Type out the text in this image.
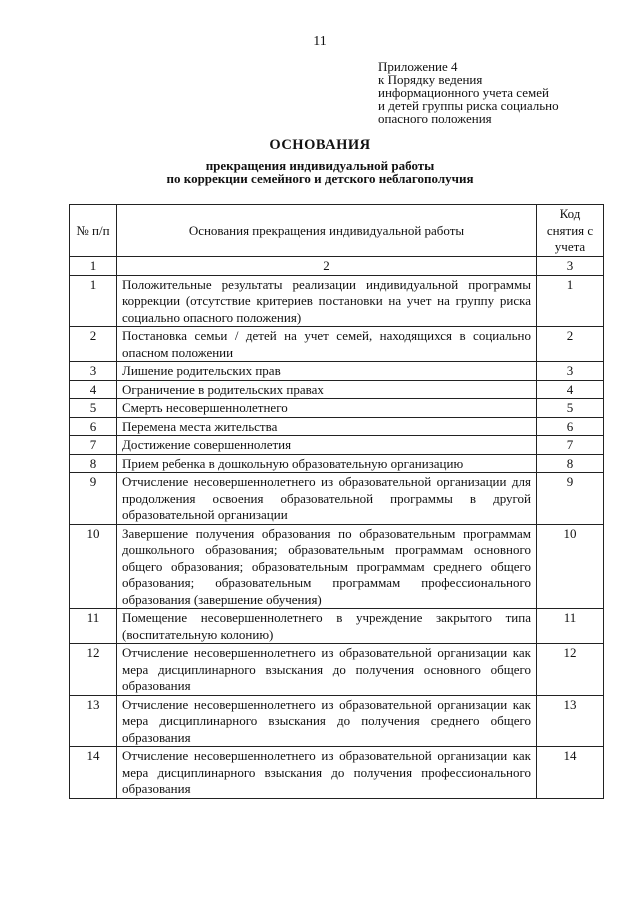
11
Приложение 4
к Порядку ведения
информационного учета семей
и детей группы риска социально
опасного положения
ОСНОВАНИЯ
прекращения индивидуальной работы
по коррекции семейного и детского неблагополучия
№ п/п	Основания прекращения индивидуальной работы	Код снятия с учета
1	2	3
1	Положительные результаты реализации индивидуальной программы коррекции (отсутствие критериев постановки на учет на группу риска социально опасного положения)	1
2	Постановка семьи / детей на учет семей, находящихся в социально опасном положении	2
3	Лишение родительских прав	3
4	Ограничение в родительских правах	4
5	Смерть несовершеннолетнего	5
6	Перемена места жительства	6
7	Достижение совершеннолетия	7
8	Прием ребенка в дошкольную образовательную организацию	8
9	Отчисление несовершеннолетнего из образовательной организации для продолжения освоения образовательной программы в другой образовательной организации	9
10	Завершение получения образования по образовательным программам дошкольного образования; образовательным программам основного общего образования; образовательным программам среднего общего образования; образовательным программам профессионального образования (завершение обучения)	10
11	Помещение несовершеннолетнего в учреждение закрытого типа (воспитательную колонию)	11
12	Отчисление несовершеннолетнего из образовательной организации как мера дисциплинарного взыскания до получения основного общего образования	12
13	Отчисление несовершеннолетнего из образовательной организации как мера дисциплинарного взыскания до получения среднего общего образования	13
14	Отчисление несовершеннолетнего из образовательной организации как мера дисциплинарного взыскания до получения профессионального образования	14
